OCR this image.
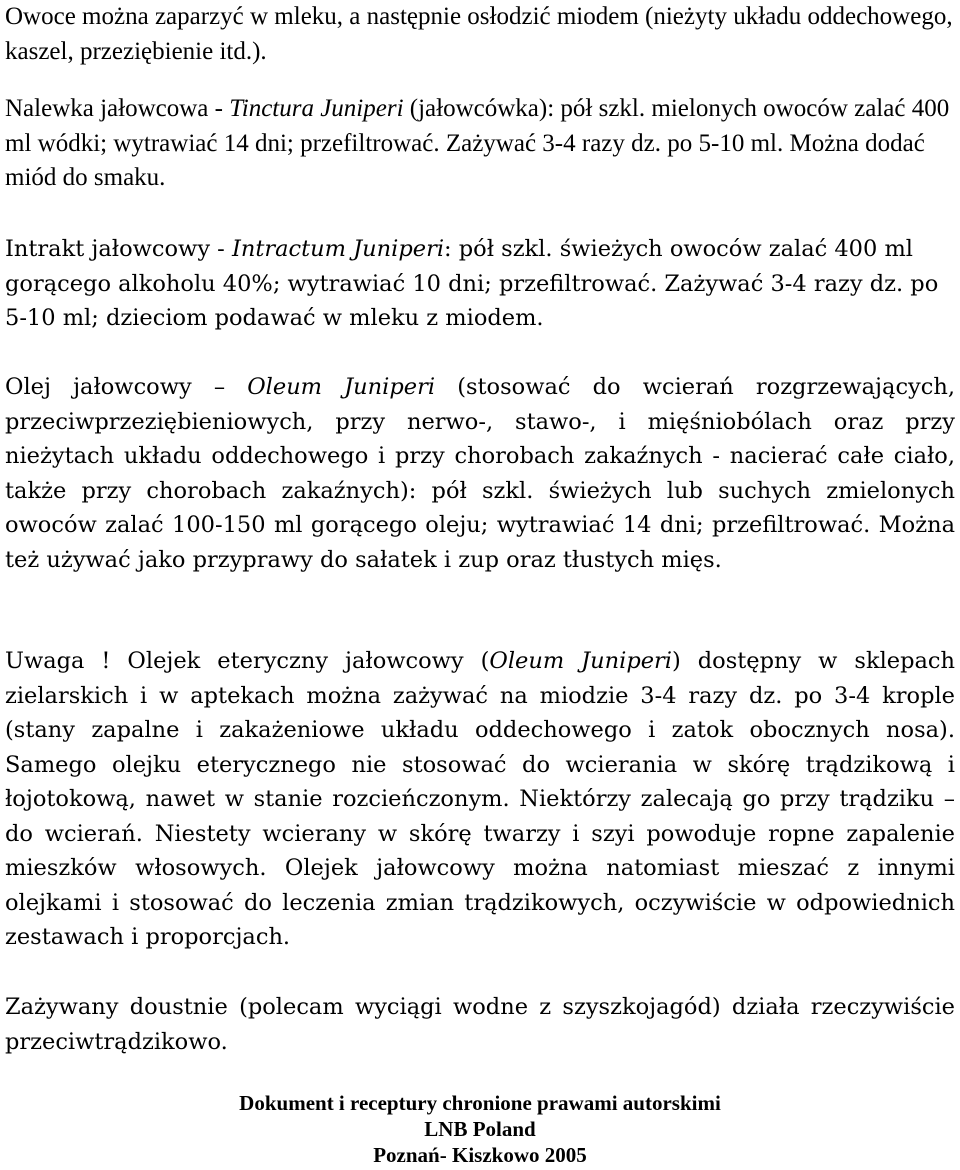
Owoce można zaparzyć w mleku, a następnie osłodzić miodem (nieżyty układu oddechowego, kaszel, przeziębienie itd.).

Nalewka jałowcowa - Tinctura Juniperi (jałowcówka): pół szkl. mielonych owoców zalać 400 ml wódki; wytrawiać 14 dni; przefiltrować. Zażywać 3-4 razy dz. po 5-10 ml. Można dodać miód do smaku.

Intrakt jałowcowy - Intractum Juniperi: pół szkl. świeżych owoców zalać 400 ml gorącego alkoholu 40%; wytrawiać 10 dni; przefiltrować. Zażywać 3-4 razy dz. po 5-10 ml; dzieciom podawać w mleku z miodem.

Olej jałowcowy – Oleum Juniperi (stosować do wcierań rozgrzewających, przeciwprzeziębieniowych, przy nerwo-, stawo-, i mięśniobólach oraz przy nieżytach układu oddechowego i przy chorobach zakaźnych - nacierać całe ciało, także przy chorobach zakaźnych): pół szkl. świeżych lub suchych zmielonych owoców zalać 100-150 ml gorącego oleju; wytrawiać 14 dni; przefiltrować. Można też używać jako przyprawy do sałatek i zup oraz tłustych mięs.

Uwaga ! Olejek eteryczny jałowcowy (Oleum Juniperi) dostępny w sklepach zielarskich i w aptekach można zażywać na miodzie 3-4 razy dz. po 3-4 krople (stany zapalne i zakażeniowe układu oddechowego i zatok obocznych nosa). Samego olejku eterycznego nie stosować do wcierania w skórę trądzikową i łojotokową, nawet w stanie rozcieńczonym. Niektórzy zalecają go przy trądziku – do wcierań. Niestety wcierany w skórę twarzy i szyi powoduje ropne zapalenie mieszków włosowych. Olejek jałowcowy można natomiast mieszać z innymi olejkami i stosować do leczenia zmian trądzikowych, oczywiście w odpowiednich zestawach i proporcjach.

Zażywany doustnie (polecam wyciągi wodne z szyszkojagód) działa rzeczywiście przeciwtrądzikowo.

Dokument i receptury chronione prawami autorskimi
LNB Poland
Poznań- Kiszkowo 2005
